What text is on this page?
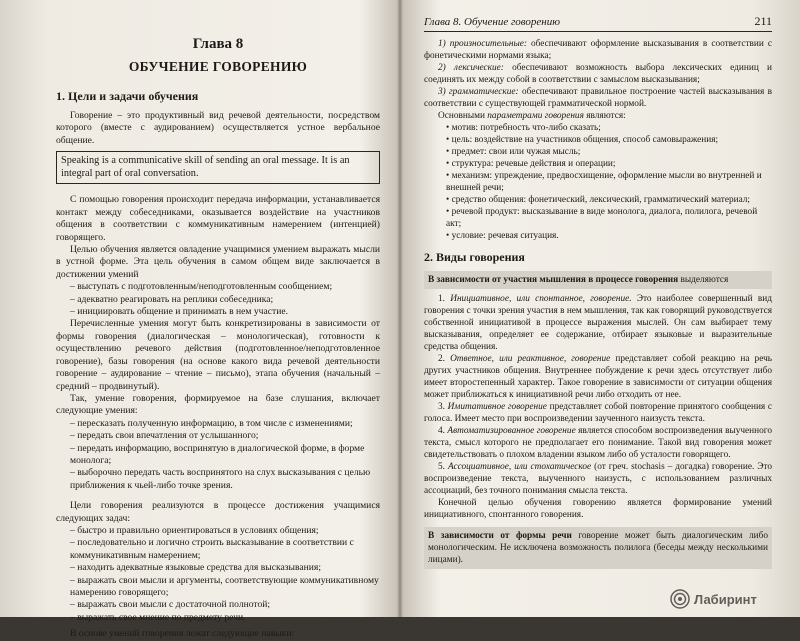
Глава 8
ОБУЧЕНИЕ ГОВОРЕНИЮ
1. Цели и задачи обучения

Говорение – это продуктивный вид речевой деятельности, посредством которого (вместе с аудированием) осуществляется устное вербальное общение.

Speaking is a communicative skill of sending an oral message. It is an integral part of oral conversation.

С помощью говорения происходит передача информации, устанавливается контакт между собеседниками, оказывается воздействие на участников общения в соответствии с коммуникативным намерением (интенцией) говорящего.

Целью обучения является овладение учащимися умением выражать мысли в устной форме. Эта цель обучения в самом общем виде заключается в достижении умений

– выступать с подготовленным/неподготовленным сообщением;

– адекватно реагировать на реплики собеседника;

– инициировать общение и принимать в нем участие.

Перечисленные умения могут быть конкретизированы в зависимости от формы говорения (диалогическая – монологическая), готовности к осуществлению речевого действия (подготовленное/неподготовленное говорение), базы говорения (на основе какого вида речевой деятельности говорение – аудирование – чтение – письмо), этапа обучения (начальный – средний – продвинутый).

Так, умение говорения, формируемое на базе слушания, включает следующие умения:

– пересказать полученную информацию, в том числе с изменениями;

– передать свои впечатления от услышанного;

– передать информацию, воспринятую в диалогической форме, в форме монолога;

– выборочно передать часть воспринятого на слух высказывания с целью приближения к чьей-либо точке зрения.

Цели говорения реализуются в процессе достижения учащимися следующих задач:

– быстро и правильно ориентироваться в условиях общения;

– последовательно и логично строить высказывание в соответствии с коммуникативным намерением;

– находить адекватные языковые средства для высказывания;

– выражать свои мысли и аргументы, соответствующие коммуникативному намерению говорящего;

– выражать свои мысли с достаточной полнотой;

– выражать свое мнение по предмету речи.

В основе умений говорения лежат следующие навыки:

Глава 8. Обучение говорению	211

1) произносительные: обеспечивают оформление высказывания в соответствии с фонетическими нормами языка;

2) лексические: обеспечивают возможность выбора лексических единиц и соединять их между собой в соответствии с замыслом высказывания;

3) грамматические: обеспечивают правильное построение частей высказывания в соответствии с существующей грамматической нормой.

Основными параметрами говорения являются:

• мотив: потребность что-либо сказать;

• цель: воздействие на участников общения, способ самовыражения;

• предмет: свои или чужая мысль;

• структура: речевые действия и операции;

• механизм: упреждение, предвосхищение, оформление мысли во внутренней и внешней речи;

• средство общения: фонетический, лексический, грамматический материал;

• речевой продукт: высказывание в виде монолога, диалога, полилога, речевой акт;

• условие: речевая ситуация.

2. Виды говорения

В зависимости от участия мышления в процессе говорения выделяются

1. Инициативное, или спонтанное, говорение. Это наиболее совершенный вид говорения с точки зрения участия в нем мышления, так как говорящий руководствуется собственной инициативой в процессе выражения мыслей. Он сам выбирает тему высказывания, определяет ее содержание, отбирает языковые и выразительные средства общения.

2. Ответное, или реактивное, говорение представляет собой реакцию на речь других участников общения. Внутреннее побуждение к речи здесь отсутствует либо имеет второстепенный характер. Такое говорение в зависимости от ситуации общения может приближаться к инициативной речи либо отходить от нее.

3. Имитативное говорение представляет собой повторение принятого сообщения с голоса. Имеет место при воспроизведении заученного наизусть текста.

4. Автоматизированное говорение является способом воспроизведения выученного текста, смысл которого не предполагает его понимание. Такой вид говорения может свидетельствовать о плохом владении языком либо об усталости говорящего.

5. Ассоциативное, или стохатическое (от греч. stochasis – догадка) говорение. Это воспроизведение текста, выученного наизусть, с использованием различных ассоциаций, без точного понимания смысла текста.

Конечной целью обучения говорению является формирование умений инициативного, спонтанного говорения.

В зависимости от формы речи говорение может быть диалогическим либо монологическим. Не исключена возможность полилога (беседы между несколькими лицами).

Лабиринт
